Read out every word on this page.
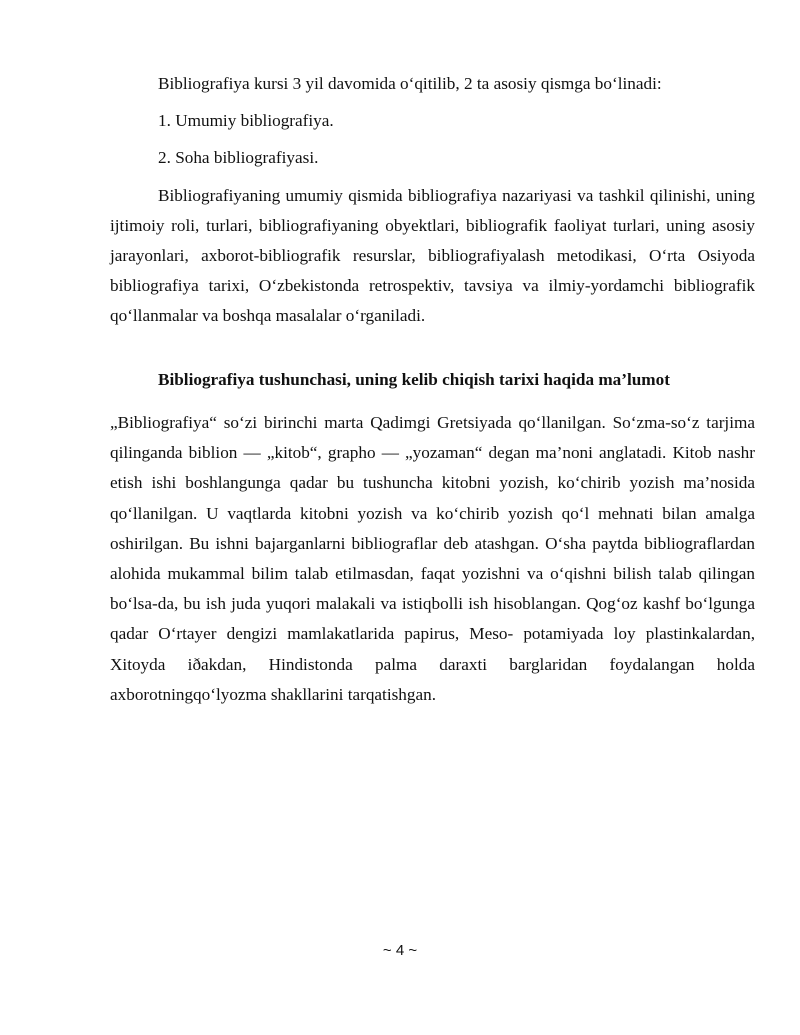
Bibliografiya kursi 3 yil davomida o‘qitilib, 2 ta asosiy qismga bo‘linadi:

1. Umumiy bibliografiya.

2. Soha bibliografiyasi.

Bibliografiyaning umumiy qismida bibliografiya nazariyasi va tashkil qilinishi, uning ijtimoiy roli, turlari, bibliografiyaning obyektlari, bibliografik faoliyat turlari, uning asosiy jarayonlari, axborot-bibliografik resurslar, bibliografiyalash metodikasi, O‘rta Osiyoda bibliografiya tarixi, O‘zbekistonda retrospektiv, tavsiya va ilmiy-yordamchi bibliografik qo‘llanmalar va boshqa masalalar o‘rganiladi.

Bibliografiya tushunchasi, uning kelib chiqish tarixi haqida ma’lumot

„Bibliografiya“ so‘zi birinchi marta Qadimgi Gretsiyada qo‘llanilgan. So‘zma-so‘z tarjima qilinganda biblion — „kitob“, grapho — „yozaman“ degan ma’noni anglatadi. Kitob nashr etish ishi boshlangunga qadar bu tushuncha kitobni yozish, ko‘chirib yozish ma’nosida qo‘llanilgan. U vaqtlarda kitobni yozish va ko‘chirib yozish qo‘l mehnati bilan amalga oshirilgan. Bu ishni bajarganlarni bibliograflar deb atashgan. O‘sha paytda bibliograflardan alohida mukammal bilim talab etilmasdan, faqat yozishni va o‘qishni bilish talab qilingan bo‘lsa-da, bu ish juda yuqori malakali va istiqbolli ish hisoblangan. Qog‘oz kashf bo‘lgunga qadar O‘rtayer dengizi mamlakatlarida papirus, Meso- potamiyada loy plastinkalardan, Xitoyda iðakdan, Hindistonda palma daraxti barglaridan foydalangan holda axborotningqo‘lyozma shakllarini tarqatishgan.

~ 4 ~
